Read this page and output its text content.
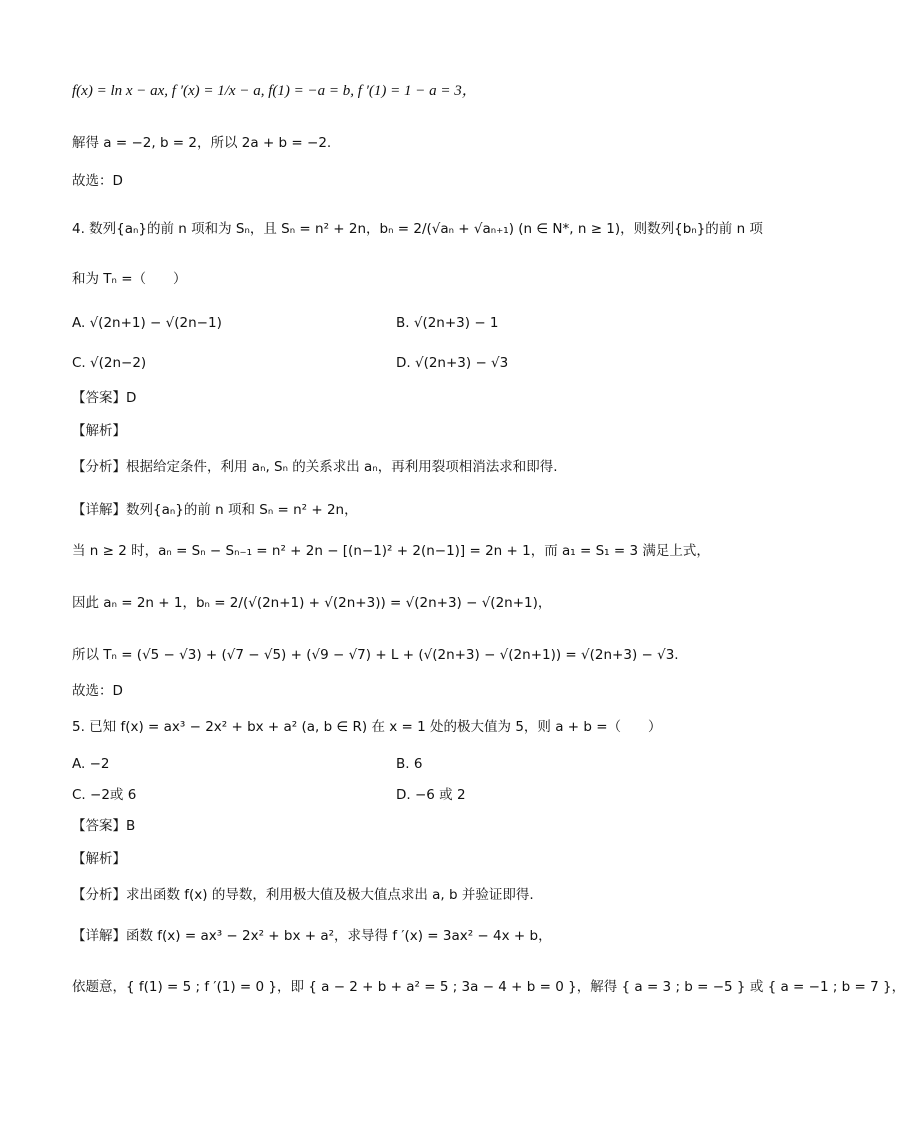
f(x) = ln x − ax, f ′(x) = 1/x − a, f(1) = −a = b, f ′(1) = 1 − a = 3，
解得 a = −2, b = 2，所以 2a + b = −2.
故选：D
4. 数列{aₙ}的前 n 项和为 Sₙ，且 Sₙ = n² + 2n，bₙ = 2/(√aₙ + √aₙ₊₁) (n ∈ N*, n ≥ 1)，则数列{bₙ}的前 n 项
和为 Tₙ =（　　）
A. √(2n+1) − √(2n−1)	B. √(2n+3) − 1
C. √(2n−2)	D. √(2n+3) − √3
【答案】D
【解析】
【分析】根据给定条件，利用 aₙ, Sₙ 的关系求出 aₙ，再利用裂项相消法求和即得.
【详解】数列{aₙ}的前 n 项和 Sₙ = n² + 2n，
当 n ≥ 2 时，aₙ = Sₙ − Sₙ₋₁ = n² + 2n − [(n−1)² + 2(n−1)] = 2n + 1，而 a₁ = S₁ = 3 满足上式，
因此 aₙ = 2n + 1，bₙ = 2/(√(2n+1) + √(2n+3)) = √(2n+3) − √(2n+1)，
所以 Tₙ = (√5 − √3) + (√7 − √5) + (√9 − √7) + L + (√(2n+3) − √(2n+1)) = √(2n+3) − √3.
故选：D
5. 已知 f(x) = ax³ − 2x² + bx + a² (a, b ∈ R) 在 x = 1 处的极大值为 5，则 a + b =（　　）
A. −2	B. 6
C. −2或 6	D. −6 或 2
【答案】B
【解析】
【分析】求出函数 f(x) 的导数，利用极大值及极大值点求出 a, b 并验证即得.
【详解】函数 f(x) = ax³ − 2x² + bx + a²，求导得 f ′(x) = 3ax² − 4x + b，
依题意，{ f(1) = 5 ; f ′(1) = 0 }，即 { a − 2 + b + a² = 5 ; 3a − 4 + b = 0 }，解得 { a = 3 ; b = −5 } 或 { a = −1 ; b = 7 }，
